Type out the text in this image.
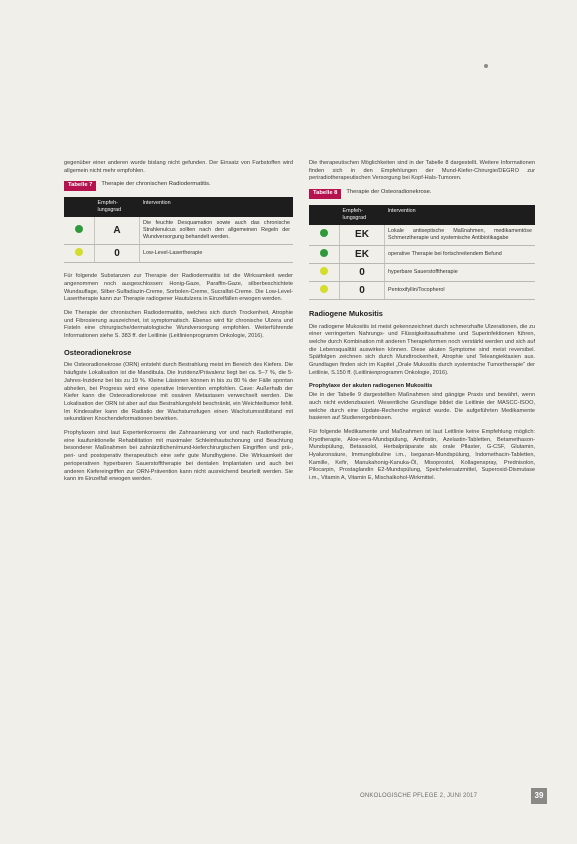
gegenüber einer anderen wurde bislang nicht gefunden. Der Einsatz von Farbstoffen wird allgemein nicht mehr empfohlen.

Tabelle 7	Therapie der chronischen Radiodermatitis.
	Empfehlungsgrad	Intervention
	A	Die feuchte Desquamation sowie auch das chronische Strahlenulcus sollten nach den allgemeinen Regeln der Wundversorgung behandelt werden.
	0	Low-Level-Lasertherapie

Für folgende Substanzen zur Therapie der Radiodermatitis ist die Wirksamkeit weder angenommen noch ausgeschlossen: Honig-Gaze, Paraffin-Gaze, silberbeschichtete Wundauflage, Silber-Sulfadiazin-Creme, Sorbolen-Creme, Sucralfat-Creme. Die Low-Level-Lasertherapie kann zur Therapie radiogener Hautulzera in Einzelfällen erwogen werden.

Die Therapie der chronischen Radiodermatitis, welches sich durch Trockenheit, Atrophie und Fibrosierung auszeichnet, ist symptomatisch. Ebenso wird für chronische Ulzera und Fisteln eine chirurgische/dermatologische Wundversorgung empfohlen. Weiterführende Informationen siehe S. 383 ff. der Leitlinie (Leitlinienprogramm Onkologie, 2016).

Osteoradionekrose

Die Osteoradionekrose (ORN) entsteht durch Bestrahlung meist im Bereich des Kiefers. Die häufigste Lokalisation ist die Mandibula. Die Inzidenz/Prävalenz liegt bei ca. 5–7 %, die 5-Jahres-Inzidenz bei bis zu 19 %. Kleine Läsionen können in bis zu 80 % der Fälle spontan abheilen, bei Progress wird eine operative Intervention empfohlen. Cave: Außerhalb der Kiefer kann die Osteoradionekrose mit ossären Metastasen verwechselt werden. Die Lokalisation der ORN ist aber auf das Bestrahlungsfeld beschränkt, ein Weichteiltumor fehlt. Im Kindesalter kann die Radiatio der Wachstumsfugen einen Wachstumsstillstand mit sekundären Knochendeformationen bewirken.

Prophylaxen sind laut Expertenkonsens die Zahnsanierung vor und nach Radiotherapie, eine kaufunktionelle Rehabilitation mit maximaler Schleimhautschonung und Beachtung besonderer Maßnahmen bei zahnärztlichen/mund-kieferchirurgischen Eingriffen und prä-, peri- und postoperativ therapeutisch eine sehr gute Mundhygiene. Die Wirksamkeit der perioperativen hyperbaren Sauerstofftherapie bei dentalen Implantaten und auch bei anderen Kiefereingriffen zur ORN-Prävention kann nicht ausreichend beurteilt werden. Sie kann im Einzelfall erwogen werden.

Die therapeutischen Möglichkeiten sind in der Tabelle 8 dargestellt. Weitere Informationen finden sich in den Empfehlungen der Mund-Kiefer-Chirurgie/DEGRO zur periradiotherapeutischen Versorgung bei Kopf-Hals-Tumoren.

Tabelle 8	Therapie der Osteoradionekrose.
	Empfehlungsgrad	Intervention
	EK	Lokale antiseptische Maßnahmen, medikamentöse Schmerztherapie und systemische Antibiotikagabe
	EK	operative Therapie bei fortschreitendem Befund
	0	hyperbare Sauerstofftherapie
	0	Pentoxifyllin/Tocopherol
Radiogene Mukositis

Die radiogene Mukositis ist meist gekennzeichnet durch schmerzhafte Ulzerationen, die zu einer verringerten Nahrungs- und Flüssigkeitsaufnahme und Superinfektionen führen, welche durch Kombination mit anderen Therapieformen noch verstärkt werden und sich auf die Lebensqualität auswirken können. Diese akuten Symptome sind meist reversibel. Spätfolgen zeichnen sich durch Mundtrockenheit, Atrophie und Teleangiektasien aus. Grundlagen finden sich im Kapitel „Orale Mukositis durch systemische Tumortherapie“ der Leitlinie, S.150 ff. (Leitlinienprogramm Onkologie, 2016).

Prophylaxe der akuten radiogenen Mukositis

Die in der Tabelle 9 dargestellten Maßnahmen sind gängige Praxis und bewährt, wenn auch nicht evidenzbasiert. Wesentliche Grundlage bildet die Leitlinie der MASCC-ISOO, welche durch eine Update-Recherche ergänzt wurde. Die aufgeführten Medikamente basieren auf Studienergebnissen.

Für folgende Medikamente und Maßnahmen ist laut Leitlinie keine Empfehlung möglich: Kryotherapie, Aloe-vera-Mundspülung, Amifostin, Azelastin-Tabletten, Betamethason-Mundspülung, Betaxaolol, Herbalpräparate als orale Pflaster, G-CSF, Glutamin, Hyaluronsäure, Immunglobuline i.m., Iseganan-Mundspülung, Indomethacin-Tabletten, Kamille, Kefir, Manukahonig-Kanuka-Öl, Misoprostol, Kollagenspray, Prednisolon, Pilocarpin, Prostaglandin E2-Mundspülung, Speichelersatzmittel, Superoxid-Dismutase i.m., Vitamin A, Vitamin E, Mischalkohol-Wirkmittel.

ONKOLOGISCHE PFLEGE 2, JUNI 2017	39
